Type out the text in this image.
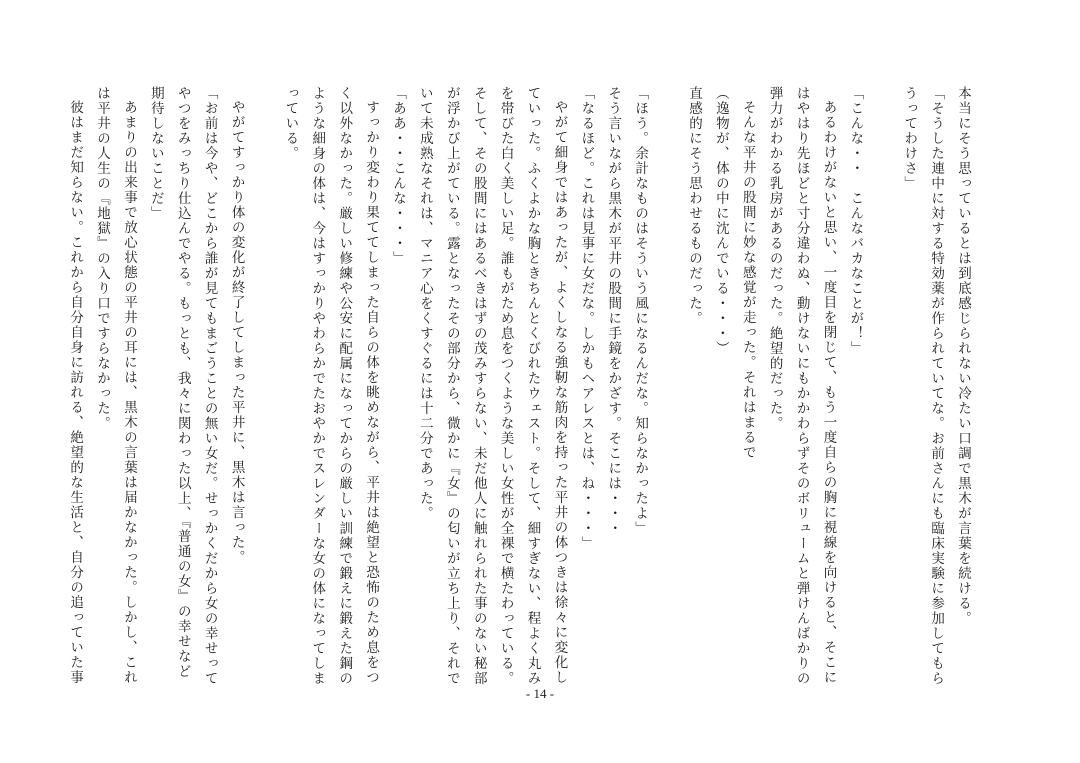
本当にそう思っているとは到底感じられない冷たい口調で黒木が言葉を続ける。

「そうした連中に対する特効薬が作られていてな。お前さんにも臨床実験に参加してもらうってわけさ」

「こんな・・　こんなバカなことが！」

あるわけがないと思い、一度目を閉じて、もう一度自らの胸に視線を向けると、そこにはやはり先ほどと寸分違わぬ、動けないにもかかわらずそのボリュームと弾けんばかりの弾力がわかる乳房があるのだった。絶望的だった。

そんな平井の股間に妙な感覚が走った。それはまるで

（逸物が、体の中に沈んでいる・・・）

直感的にそう思わせるものだった。

「ほう。余計なものはそういう風になるんだな。知らなかったよ」

そう言いながら黒木が平井の股間に手鏡をかざす。そこには・・・

「なるほど。これは見事に女だな。しかもヘアレスとは、ね・・・」

やがて細身ではあったが、よくしなる強靭な筋肉を持った平井の体つきは徐々に変化していった。ふくよかな胸ときちんとくびれたウェスト。そして、細すぎない、程よく丸みを帯びた白く美しい足。誰もがため息をつくような美しい女性が全裸で横たわっている。そして、その股間にはあるべきはずの茂みすらない、未だ他人に触れられた事のない秘部が浮かび上がている。露となったその部分から、微かに『女』の匂いが立ち上り、それでいて未成熟なそれは、マニア心をくすぐるには十二分であった。

「ああ・・こんな・・・」

すっかり変わり果ててしまった自らの体を眺めながら、平井は絶望と恐怖のため息をつく以外なかった。厳しい修練や公安に配属になってからの厳しい訓練で鍛えに鍛えた鋼のような細身の体は、今はすっかりやわらかでたおやかでスレンダーな女の体になってしまっている。

やがてすっかり体の変化が終了してしまった平井に、黒木は言った。

「お前は今や、どこから誰が見てもまごうことの無い女だ。せっかくだから女の幸せってやつをみっちり仕込んでやる。もっとも、我々に関わった以上、『普通の女』の幸せなど期待しないことだ」

あまりの出来事で放心状態の平井の耳には、黒木の言葉は届かなかった。しかし、これは平井の人生の『地獄』の入り口ですらなかった。

彼はまだ知らない。これから自分自身に訪れる、絶望的な生活と、自分の追っていた事

- 14 -
